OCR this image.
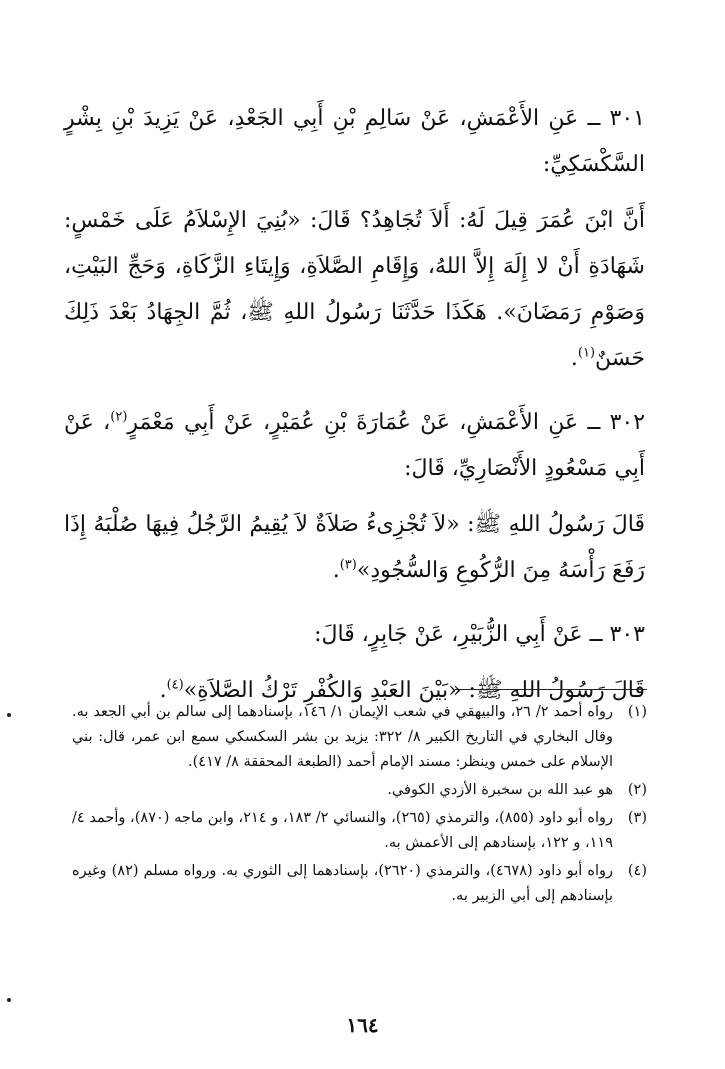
٣٠١ ــ عَنِ الأَعْمَشِ، عَنْ سَالِمِ بْنِ أَبِي الجَعْدِ، عَنْ يَزِيدَ بْنِ بِشْرٍ السَّكْسَكِيِّ:

أَنَّ ابْنَ عُمَرَ قِيلَ لَهُ: أَلاَ تُجَاهِدُ؟ قَالَ: «بُنِيَ الإِسْلاَمُ عَلَى خَمْسٍ: شَهَادَةِ أَنْ لا إِلَهَ إِلاَّ اللهُ، وَإِقَامِ الصَّلاَةِ، وَإِيتَاءِ الزَّكَاةِ، وَحَجِّ البَيْتِ، وَصَوْمِ رَمَضَانَ». هَكَذَا حَدَّثَنَا رَسُولُ اللهِ ﷺ، ثُمَّ الجِهَادُ بَعْدَ ذَلِكَ حَسَنٌ$^{(١)}$.

٣٠٢ ــ عَنِ الأَعْمَشِ، عَنْ عُمَارَةَ بْنِ عُمَيْرٍ، عَنْ أَبِي مَعْمَرٍ$^{(٢)}$، عَنْ أَبِي مَسْعُودٍ الأَنْصَارِيِّ، قَالَ:

قَالَ رَسُولُ اللهِ ﷺ: «لاَ تُجْزِىءُ صَلاَةٌ لاَ يُقِيمُ الرَّجُلُ فِيهَا صُلْبَهُ إِذَا رَفَعَ رَأْسَهُ مِنَ الرُّكُوعِ وَالسُّجُودِ»$^{(٣)}$.

٣٠٣ ــ عَنْ أَبِي الزُّبَيْرِ، عَنْ جَابِرٍ، قَالَ:

قَالَ رَسُولُ اللهِ ﷺ: «بَيْنَ العَبْدِ وَالكُفْرِ تَرْكُ الصَّلاَةِ»$^{(٤)}$.

(١)
رواه أحمد ٢/ ٢٦، والبيهقي في شعب الإيمان ١/ ١٤٦، بإسنادهما إلى سالم بن أبي الجعد به. وقال البخاري في التاريخ الكبير ٨/ ٣٢٢: يزيد بن بشر السكسكي سمع ابن عمر، قال: بني الإسلام على خمس وينظر: مسند الإمام أحمد (الطبعة المحققة ٨/ ٤١٧).
(٢)
هو عبد الله بن سخبرة الأزدي الكوفي.
(٣)
رواه أبو داود (٨٥٥)، والترمذي (٢٦٥)، والنسائي ٢/ ١٨٣، و ٢١٤، وابن ماجه (٨٧٠)، وأحمد ٤/ ١١٩، و ١٢٢، بإسنادهم إلى الأعمش به.
(٤)
رواه أبو داود (٤٦٧٨)، والترمذي (٢٦٢٠)، بإسنادهما إلى الثوري به. ورواه مسلم (٨٢) وغيره بإسنادهم إلى أبي الزبير به.
١٦٤
